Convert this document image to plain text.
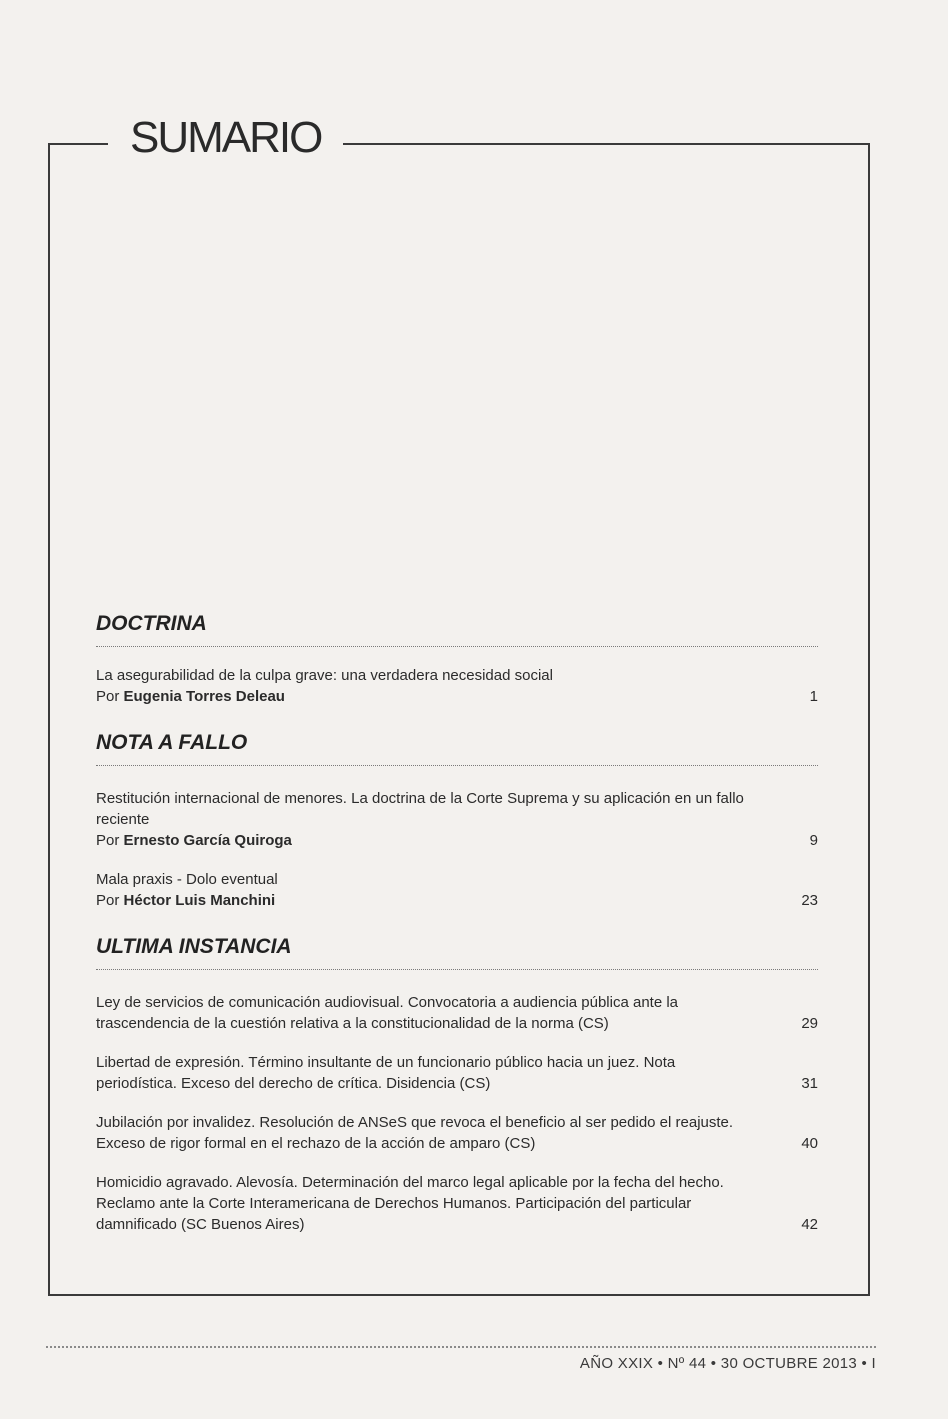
SUMARIO
DOCTRINA
La asegurabilidad de la culpa grave: una verdadera necesidad social
Por Eugenia Torres Deleau	1
NOTA A FALLO
Restitución internacional de menores. La doctrina de la Corte Suprema y su aplicación en un fallo reciente
Por Ernesto García Quiroga	9
Mala praxis - Dolo eventual
Por Héctor Luis Manchini	23
ULTIMA INSTANCIA
Ley de servicios de comunicación audiovisual. Convocatoria a audiencia pública ante la trascendencia de la cuestión relativa a la constitucionalidad de la norma (CS)	29
Libertad de expresión. Término insultante de un funcionario público hacia un juez. Nota periodística. Exceso del derecho de crítica. Disidencia (CS)	31
Jubilación por invalidez. Resolución de ANSeS que revoca el beneficio al ser pedido el reajuste. Exceso de rigor formal en el rechazo de la acción de amparo (CS)	40
Homicidio agravado. Alevosía. Determinación del marco legal aplicable por la fecha del hecho. Reclamo ante la Corte Interamericana de Derechos Humanos. Participación del particular damnificado (SC Buenos Aires)	42
AÑO XXIX • Nº 44 • 30 OCTUBRE 2013 • I
